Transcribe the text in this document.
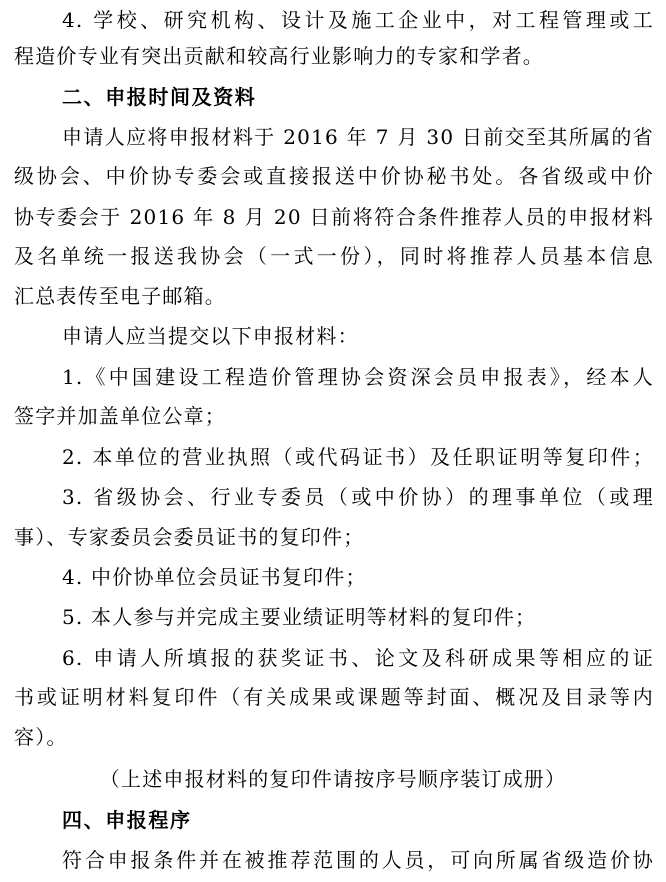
4. 学校、研究机构、设计及施工企业中，对工程管理或工
程造价专业有突出贡献和较高行业影响力的专家和学者。
二、申报时间及资料
申请人应将申报材料于 2016 年 7 月 30 日前交至其所属的省
级协会、中价协专委会或直接报送中价协秘书处。各省级或中价
协专委会于 2016 年 8 月 20 日前将符合条件推荐人员的申报材料
及名单统一报送我协会（一式一份），同时将推荐人员基本信息
汇总表传至电子邮箱。
申请人应当提交以下申报材料：
1.《中国建设工程造价管理协会资深会员申报表》，经本人
签字并加盖单位公章；
2. 本单位的营业执照（或代码证书）及任职证明等复印件；
3. 省级协会、行业专委员（或中价协）的理事单位（或理
事）、专家委员会委员证书的复印件；
4. 中价协单位会员证书复印件；
5. 本人参与并完成主要业绩证明等材料的复印件；
6. 申请人所填报的获奖证书、论文及科研成果等相应的证
书或证明材料复印件（有关成果或课题等封面、概况及目录等内
容）。
（上述申报材料的复印件请按序号顺序装订成册）
四、申报程序
符合申报条件并在被推荐范围的人员，可向所属省级造价协
